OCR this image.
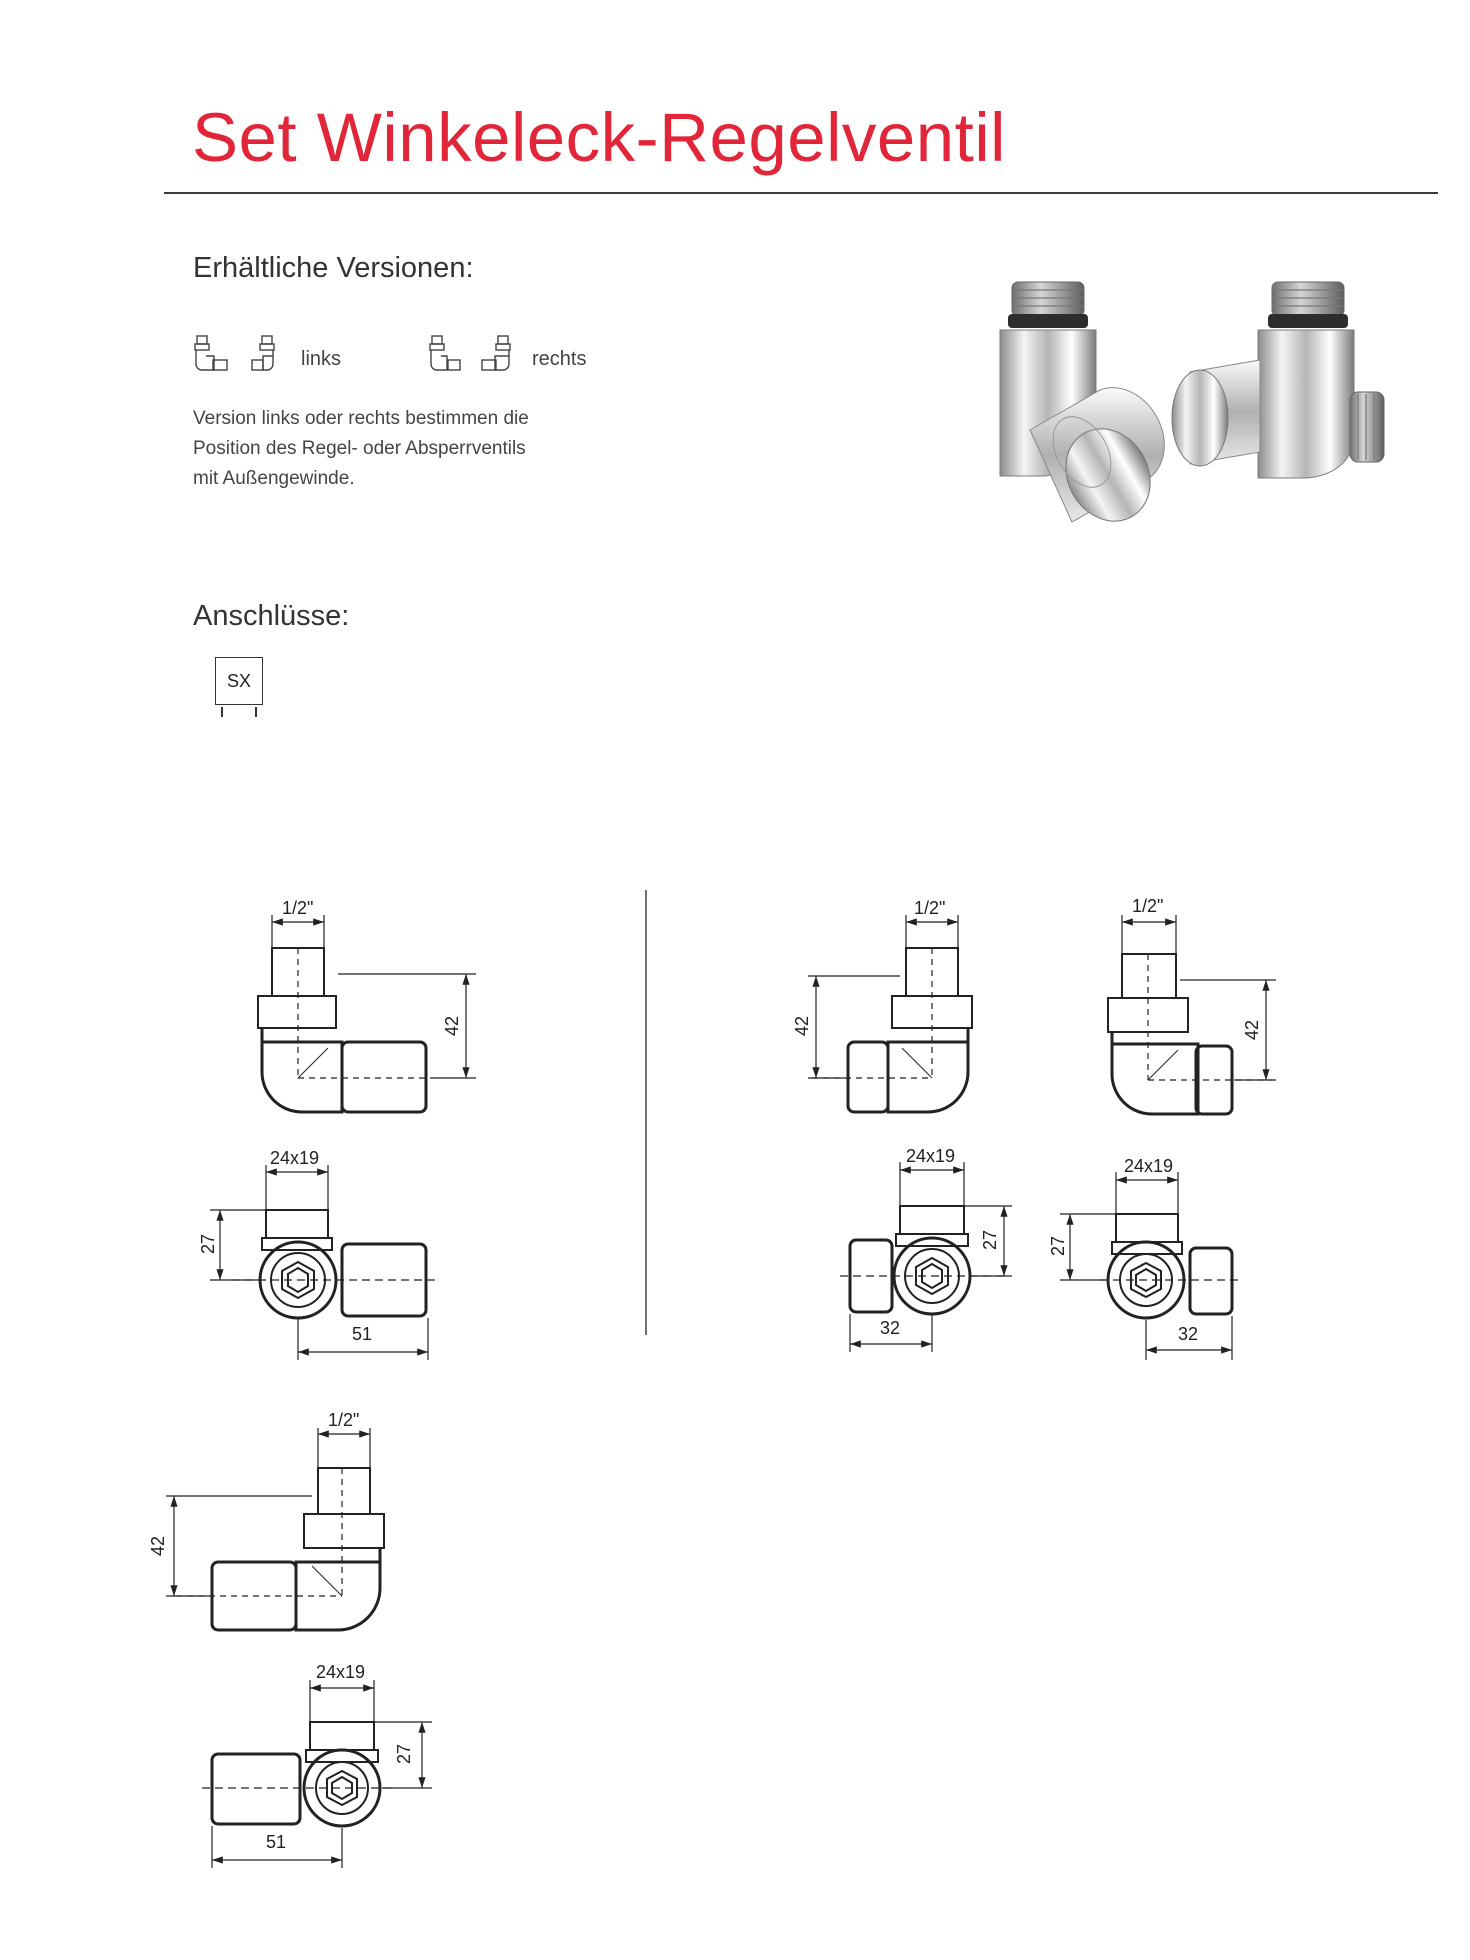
Set Winkeleck-Regelventil
Erhältliche Versionen:
links	rechts
Version links oder rechts bestimmen die
Position des Regel- oder Absperrventils
mit Außengewinde.
Anschlüsse:
SX
1/2"
42
24x19
27
51
1/2"
42
24x19
27
32
1/2"
42
24x19
27
32
1/2"
42
24x19
27
51
